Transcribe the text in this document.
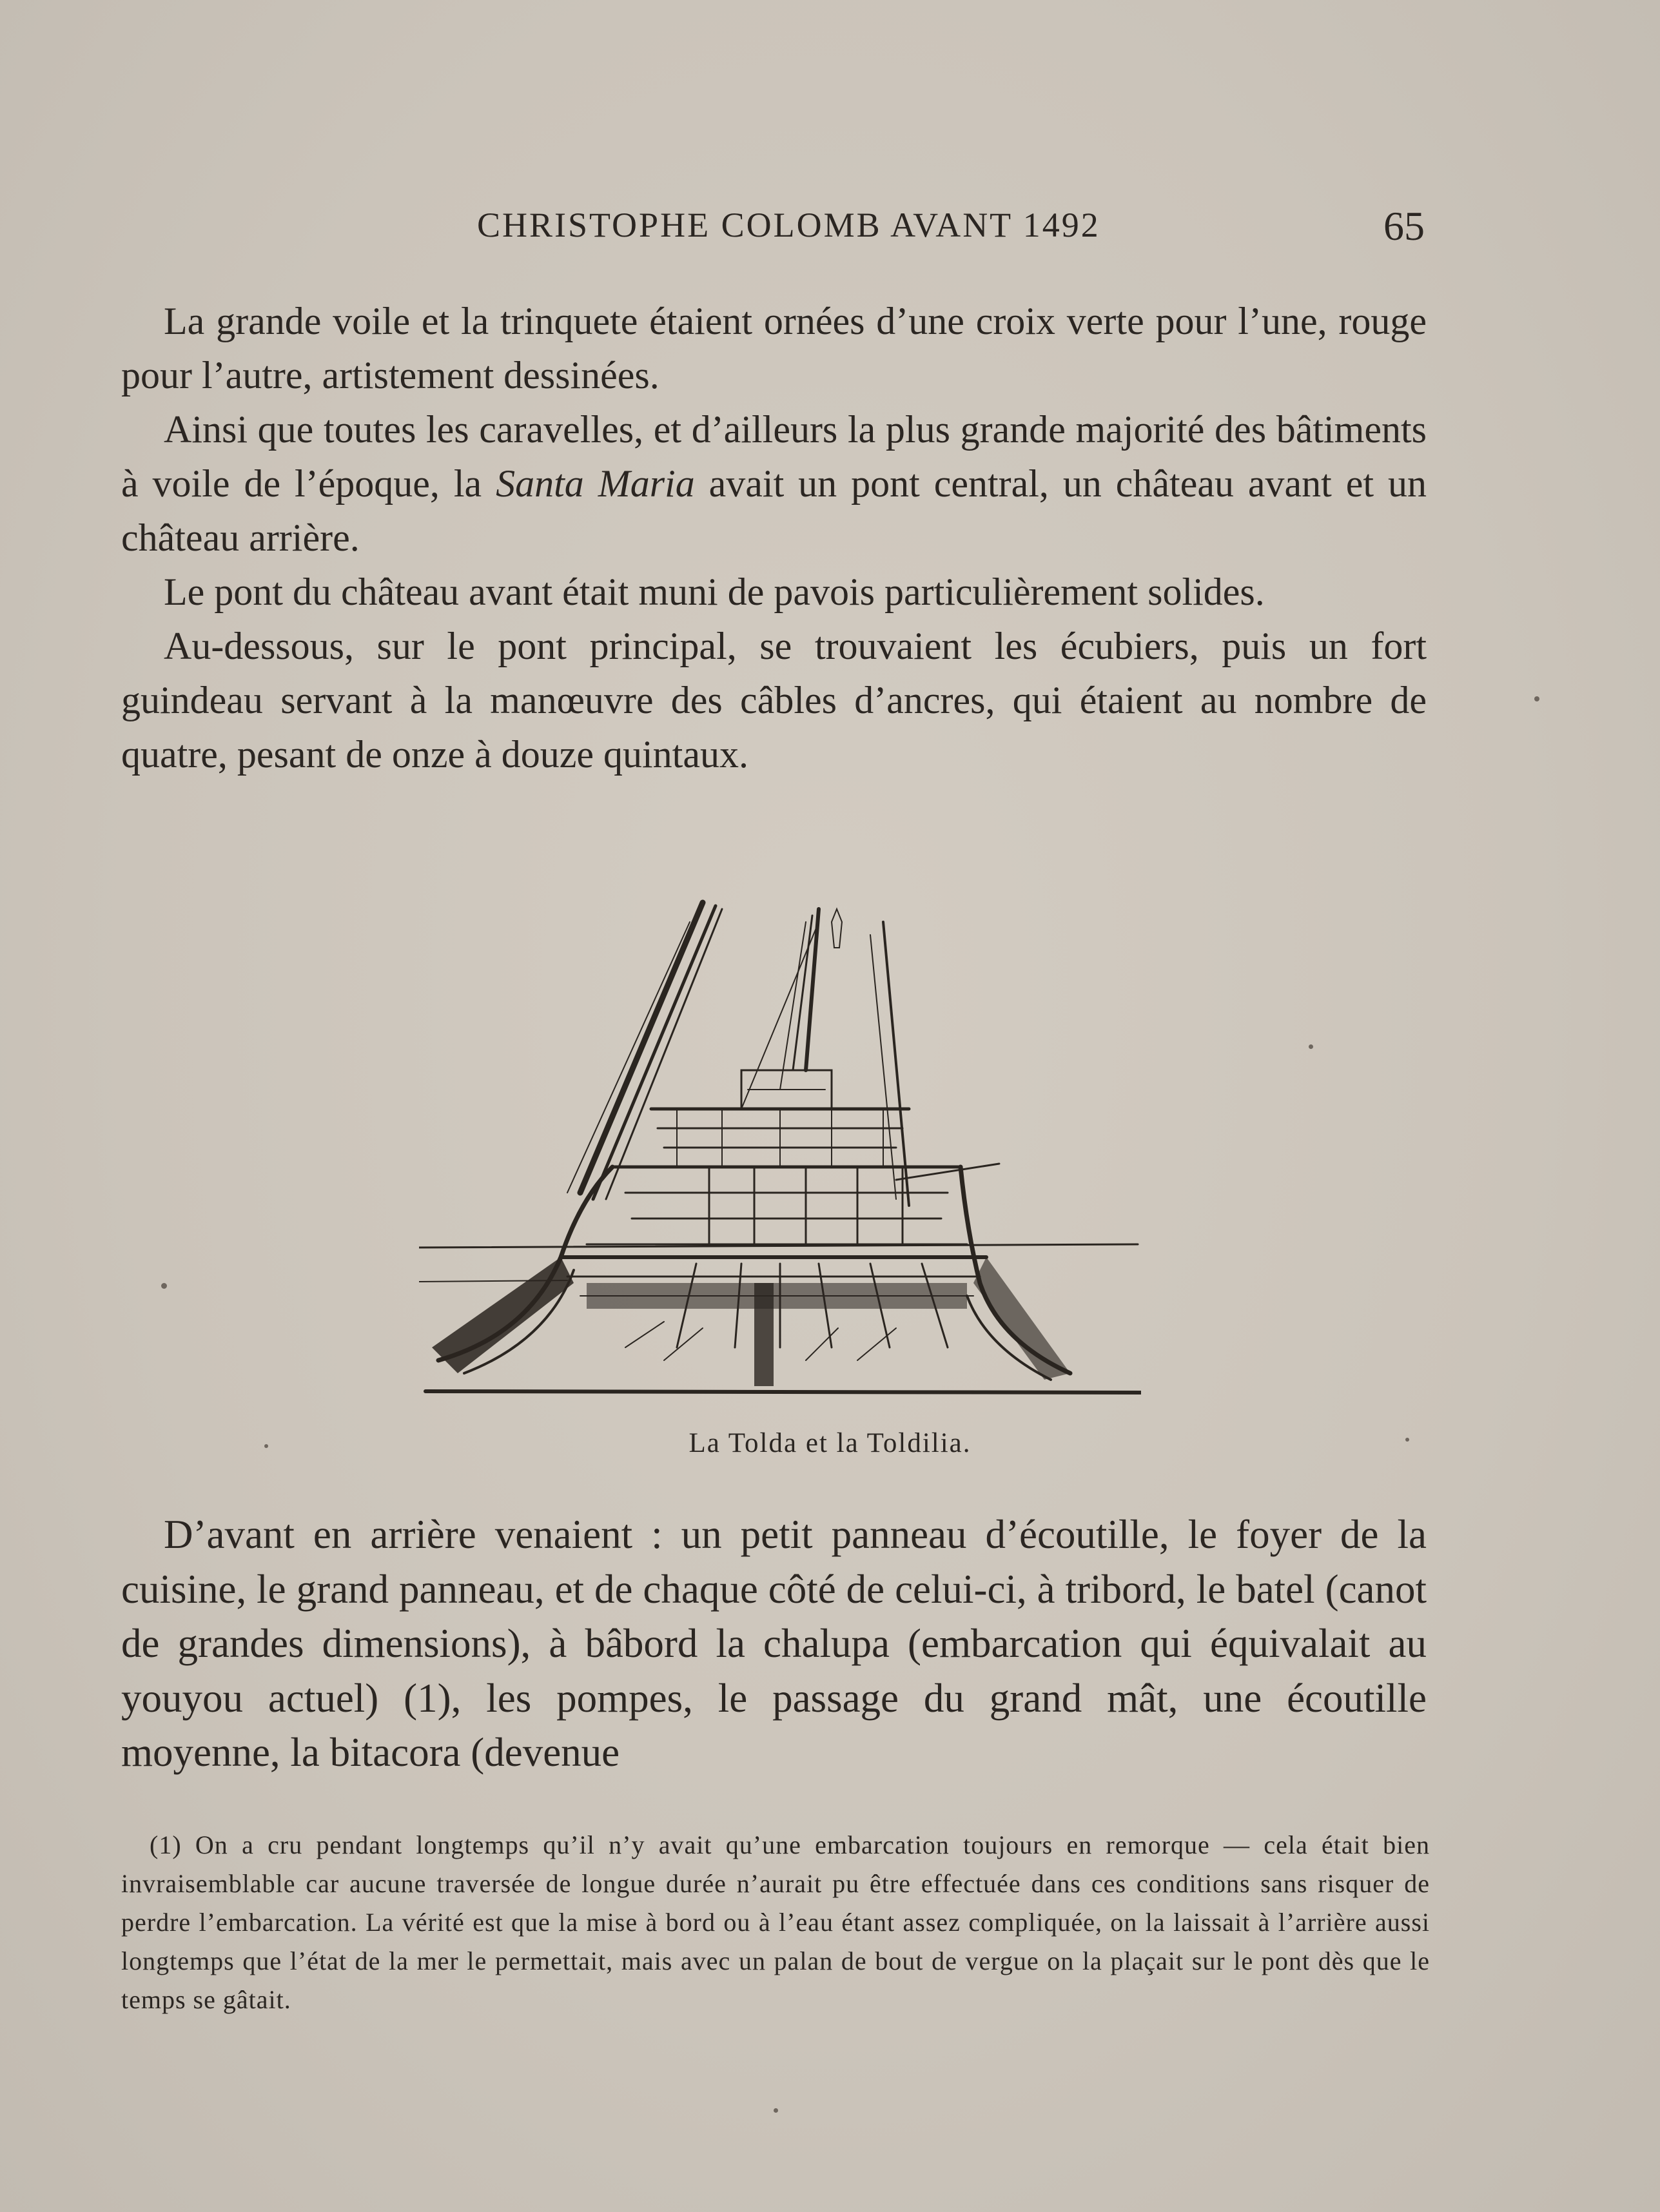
CHRISTOPHE COLOMB AVANT 1492	65

La grande voile et la trinquete étaient ornées d’une croix verte pour l’une, rouge pour l’autre, artistement dessinées.

Ainsi que toutes les caravelles, et d’ailleurs la plus grande majorité des bâtiments à voile de l’époque, la Santa Maria avait un pont central, un château avant et un château arrière.

Le pont du château avant était muni de pavois particulièrement solides.

Au-dessous, sur le pont principal, se trouvaient les écubiers, puis un fort guindeau servant à la manœuvre des câbles d’ancres, qui étaient au nombre de quatre, pesant de onze à douze quintaux.

La Tolda et la Toldilia.

D’avant en arrière venaient : un petit panneau d’écoutille, le foyer de la cuisine, le grand panneau, et de chaque côté de celui-ci, à tribord, le batel (canot de grandes dimensions), à bâbord la chalupa (embarcation qui équivalait au youyou actuel) (1), les pompes, le passage du grand mât, une écoutille moyenne, la bitacora (devenue

(1) On a cru pendant longtemps qu’il n’y avait qu’une embarcation toujours en remorque — cela était bien invraisemblable car aucune traversée de longue durée n’aurait pu être effectuée dans ces conditions sans risquer de perdre l’embarcation. La vérité est que la mise à bord ou à l’eau étant assez compliquée, on la laissait à l’arrière aussi longtemps que l’état de la mer le permettait, mais avec un palan de bout de vergue on la plaçait sur le pont dès que le temps se gâtait.
